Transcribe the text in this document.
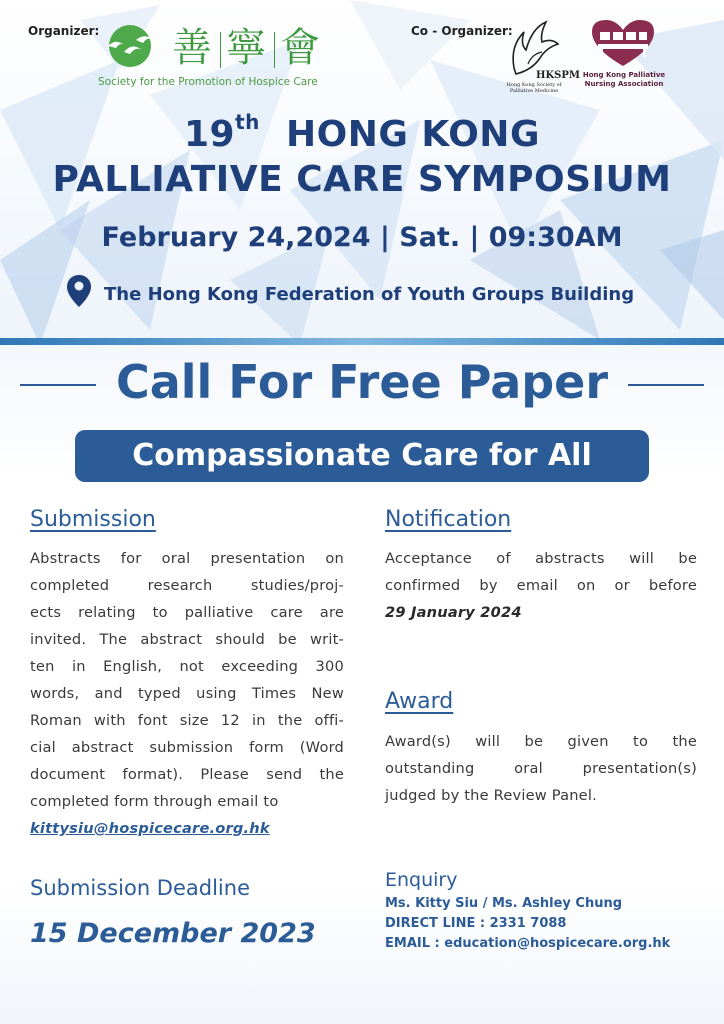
Organizer: 善 寧 會
Society for the Promotion of Hospice Care
Co - Organizer:
HKSPM
Hong Kong Society of Palliative Medicine
Hong Kong Palliative Nursing Association
19th HONG KONG
PALLIATIVE CARE SYMPOSIUM
February 24,2024 | Sat. | 09:30AM
The Hong Kong Federation of Youth Groups Building
Call For Free Paper
Compassionate Care for All
Submission
Abstracts for oral presentation on
completed research studies/proj-
ects relating to palliative care are
invited. The abstract should be writ-
ten in English, not exceeding 300
words, and typed using Times New
Roman with font size 12 in the offi-
cial abstract submission form (Word
document format). Please send the
completed form through email to
kittysiu@hospicecare.org.hk
Submission Deadline
15 December 2023
Notification
Acceptance of abstracts will be
confirmed by email on or before
29 January 2024
Award
Award(s) will be given to the
outstanding oral presentation(s)
judged by the Review Panel.
Enquiry
Ms. Kitty Siu / Ms. Ashley Chung
DIRECT LINE : 2331 7088
EMAIL : education@hospicecare.org.hk
